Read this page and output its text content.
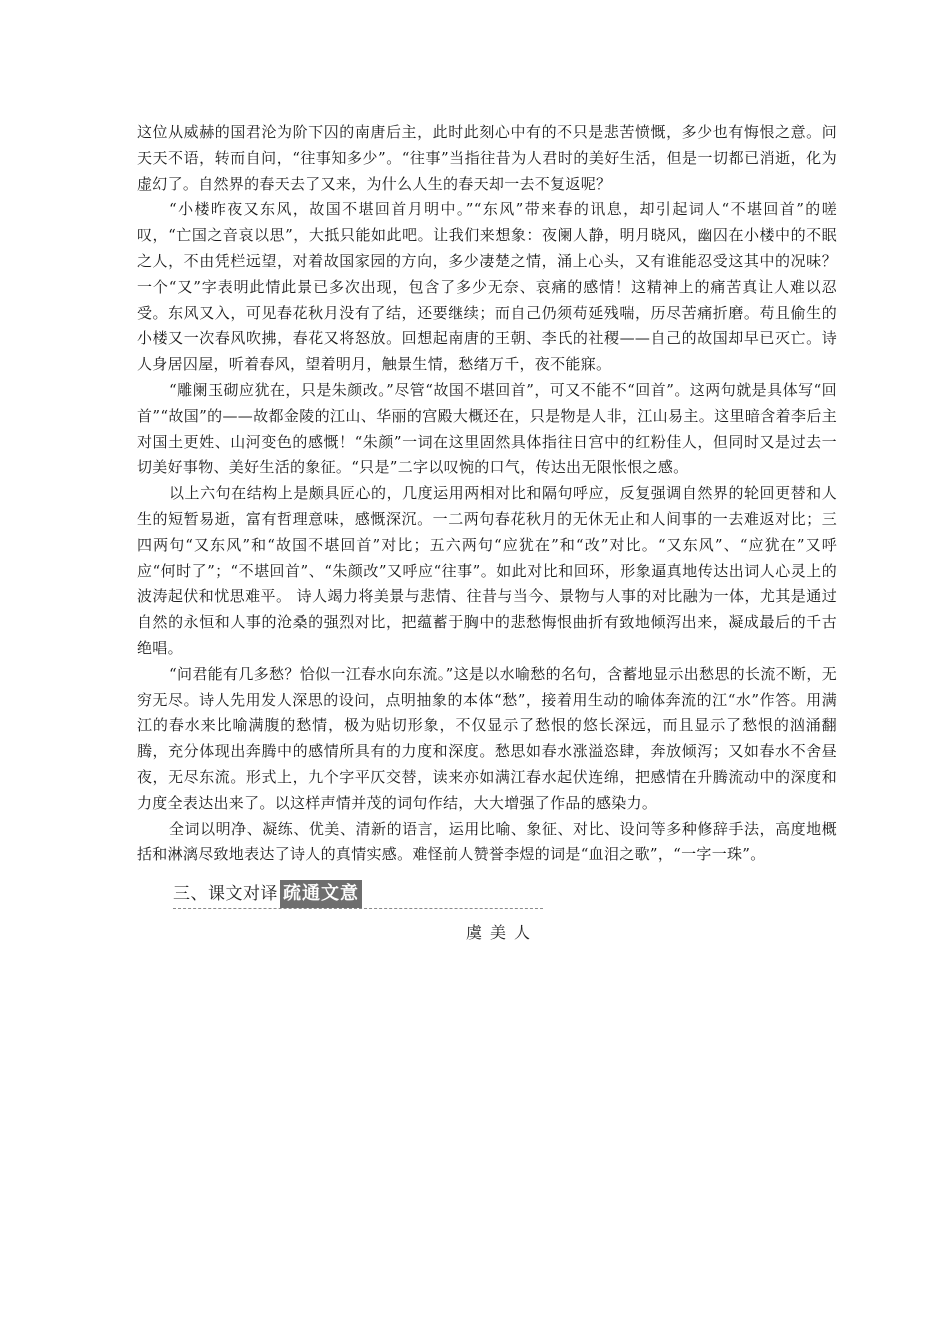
这位从威赫的国君沦为阶下囚的南唐后主，此时此刻心中有的不只是悲苦愤慨，多少也有悔恨之意。问天天不语，转而自问，“往事知多少”。“往事”当指往昔为人君时的美好生活，但是一切都已消逝，化为虚幻了。自然界的春天去了又来，为什么人生的春天却一去不复返呢？

“小楼昨夜又东风，故国不堪回首月明中。”“东风”带来春的讯息，却引起词人“不堪回首”的嗟叹，“亡国之音哀以思”，大抵只能如此吧。让我们来想象：夜阑人静，明月晓风，幽囚在小楼中的不眠之人，不由凭栏远望，对着故国家园的方向，多少凄楚之情，涌上心头，又有谁能忍受这其中的况味？一个“又”字表明此情此景已多次出现，包含了多少无奈、哀痛的感情！这精神上的痛苦真让人难以忍受。东风又入，可见春花秋月没有了结，还要继续；而自己仍须苟延残喘，历尽苦痛折磨。苟且偷生的小楼又一次春风吹拂，春花又将怒放。回想起南唐的王朝、李氏的社稷——自己的故国却早已灭亡。诗人身居囚屋，听着春风，望着明月，触景生情，愁绪万千，夜不能寐。

“雕阑玉砌应犹在，只是朱颜改。”尽管“故国不堪回首”，可又不能不“回首”。这两句就是具体写“回首”“故国”的——故都金陵的江山、华丽的宫殿大概还在，只是物是人非，江山易主。这里暗含着李后主对国土更姓、山河变色的感慨！“朱颜”一词在这里固然具体指往日宫中的红粉佳人，但同时又是过去一切美好事物、美好生活的象征。“只是”二字以叹惋的口气，传达出无限怅恨之感。

以上六句在结构上是颇具匠心的，几度运用两相对比和隔句呼应，反复强调自然界的轮回更替和人生的短暂易逝，富有哲理意味，感慨深沉。一二两句春花秋月的无休无止和人间事的一去难返对比；三四两句“又东风”和“故国不堪回首”对比；五六两句“应犹在”和“改”对比。“又东风”、“应犹在”又呼应“何时了”；“不堪回首”、“朱颜改”又呼应“往事”。如此对比和回环，形象逼真地传达出词人心灵上的波涛起伏和忧思难平。 诗人竭力将美景与悲情、往昔与当今、景物与人事的对比融为一体，尤其是通过自然的永恒和人事的沧桑的强烈对比，把蕴蓄于胸中的悲愁悔恨曲折有致地倾泻出来，凝成最后的千古绝唱。

“问君能有几多愁？恰似一江春水向东流。”这是以水喻愁的名句，含蓄地显示出愁思的长流不断，无穷无尽。诗人先用发人深思的设问，点明抽象的本体“愁”，接着用生动的喻体奔流的江“水”作答。用满江的春水来比喻满腹的愁情，极为贴切形象，不仅显示了愁恨的悠长深远，而且显示了愁恨的汹涌翻腾，充分体现出奔腾中的感情所具有的力度和深度。愁思如春水涨溢恣肆，奔放倾泻；又如春水不舍昼夜，无尽东流。形式上，九个字平仄交替，读来亦如满江春水起伏连绵，把感情在升腾流动中的深度和力度全表达出来了。以这样声情并茂的词句作结，大大增强了作品的感染力。

全词以明净、凝练、优美、清新的语言，运用比喻、象征、对比、设问等多种修辞手法，高度地概括和淋漓尽致地表达了诗人的真情实感。难怪前人赞誉李煜的词是“血泪之歌”，“一字一珠”。

三、课文对译 疏通文意
虞美人
